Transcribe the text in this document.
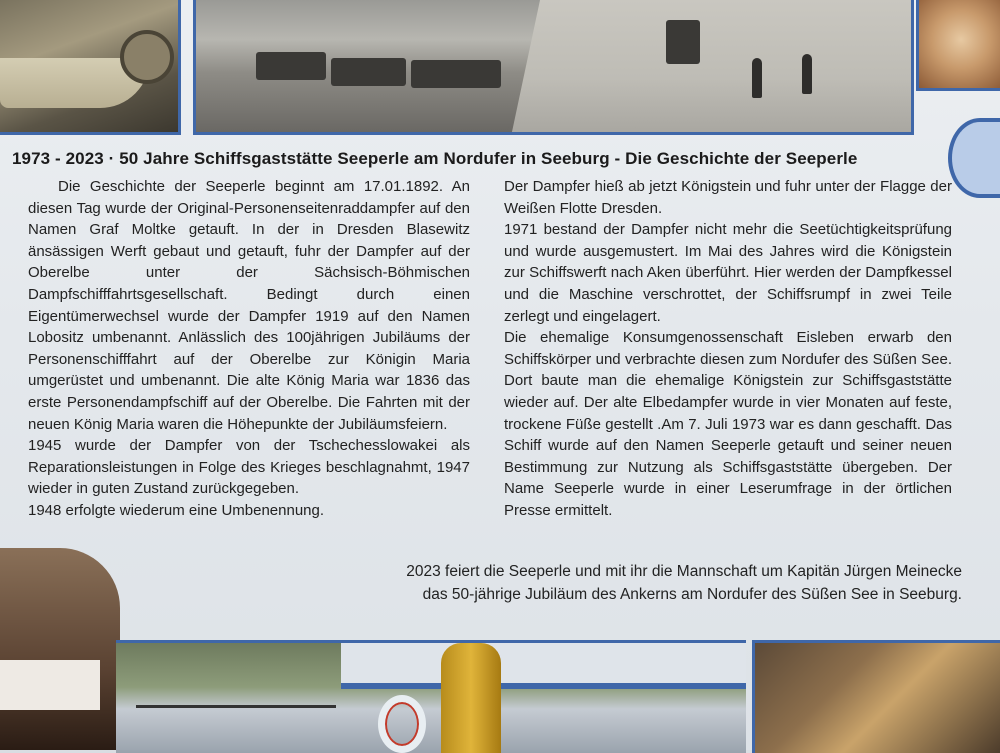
1973 - 2023 · 50 Jahre Schiffsgaststätte Seeperle am Nordufer in Seeburg - Die Geschichte der Seeperle

Die Geschichte der Seeperle beginnt am 17.01.1892. An diesen Tag wurde der Original-Personenseitenraddampfer auf den Namen Graf Moltke getauft. In der in Dresden Blasewitz änsässigen Werft gebaut und getauft, fuhr der Dampfer auf der Oberelbe unter der Sächsisch-Böhmischen Dampfschifffahrtsgesellschaft. Bedingt durch einen Eigentümerwechsel wurde der Dampfer 1919 auf den Namen Lobositz umbenannt. Anlässlich des 100jährigen Jubiläums der Personenschifffahrt auf der Oberelbe zur Königin Maria umgerüstet und umbenannt. Die alte König Maria war 1836 das erste Personendampfschiff auf der Oberelbe. Die Fahrten mit der neuen König Maria waren die Höhepunkte der Jubiläumsfeiern.

1945 wurde der Dampfer von der Tschechesslowakei als Reparationsleistungen in Folge des Krieges beschlagnahmt, 1947 wieder in guten Zustand zurückgegeben.

1948 erfolgte wiederum eine Umbenennung.

Der Dampfer hieß ab jetzt Königstein und fuhr unter der Flagge der Weißen Flotte Dresden.

1971 bestand der Dampfer nicht mehr die Seetüchtigkeitsprüfung und wurde ausgemustert. Im Mai des Jahres wird die Königstein zur Schiffswerft nach Aken überführt. Hier werden der Dampfkessel und die Maschine verschrottet, der Schiffsrumpf in zwei Teile zerlegt und eingelagert.

Die ehemalige Konsumgenossenschaft Eisleben erwarb den Schiffskörper und verbrachte diesen zum Nordufer des Süßen See. Dort baute man die ehemalige Königstein zur Schiffsgaststätte wieder auf. Der alte Elbedampfer wurde in vier Monaten auf feste, trockene Füße gestellt .Am 7. Juli 1973 war es dann geschafft. Das Schiff wurde auf den Namen Seeperle getauft und seiner neuen Bestimmung zur Nutzung als Schiffsgaststätte übergeben. Der Name Seeperle wurde in einer Leserumfrage in der örtlichen Presse ermittelt.

2023 feiert die Seeperle und mit ihr die Mannschaft um Kapitän Jürgen Meinecke
das 50-jährige Jubiläum des Ankerns am Nordufer des Süßen See in Seeburg.
